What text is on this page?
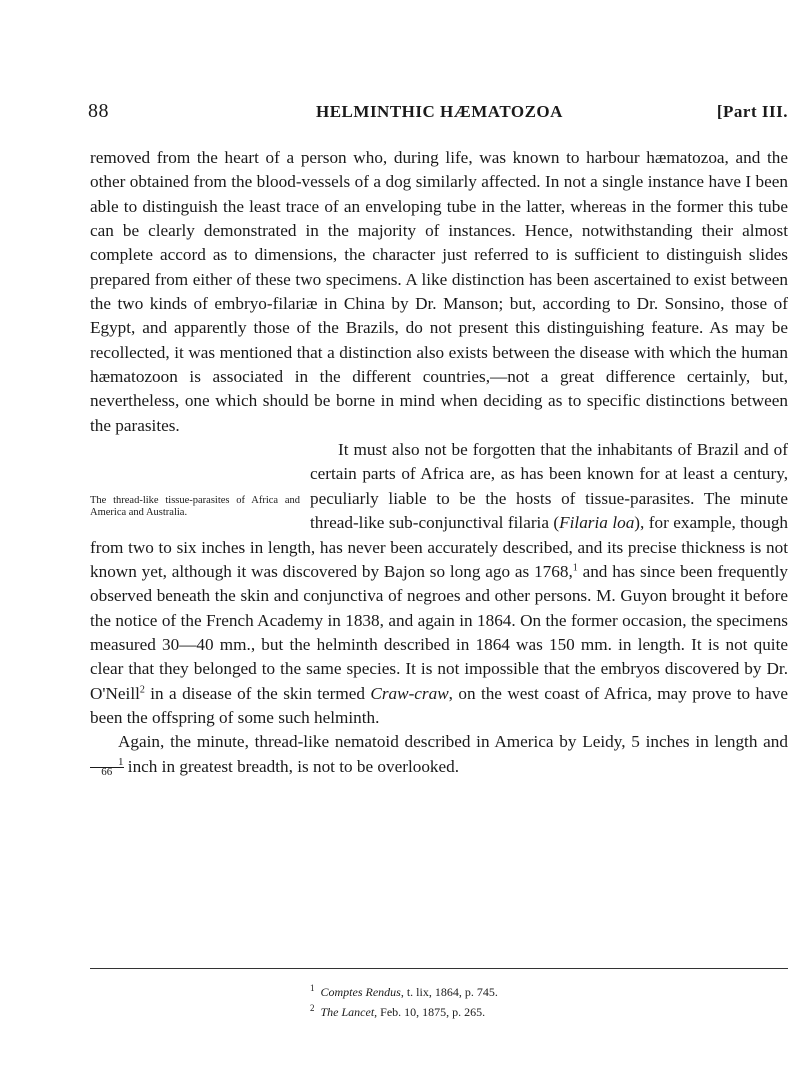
88	HELMINTHIC HÆMATOZOA	[Part III.

removed from the heart of a person who, during life, was known to harbour hæmatozoa, and the other obtained from the blood-vessels of a dog similarly affected. In not a single instance have I been able to distinguish the least trace of an enveloping tube in the latter, whereas in the former this tube can be clearly demonstrated in the majority of instances. Hence, notwithstanding their almost complete accord as to dimensions, the character just referred to is sufficient to distinguish slides prepared from either of these two specimens. A like distinction has been ascertained to exist between the two kinds of embryo-filariæ in China by Dr. Manson; but, according to Dr. Sonsino, those of Egypt, and apparently those of the Brazils, do not present this distinguishing feature. As may be recollected, it was mentioned that a distinction also exists between the disease with which the human hæmatozoon is associated in the different countries,—not a great difference certainly, but, nevertheless, one which should be borne in mind when deciding as to specific distinctions between the parasites.

The thread-like tissue-parasites of Africa and America and Australia.

It must also not be forgotten that the inhabitants of Brazil and of certain parts of Africa are, as has been known for at least a century, peculiarly liable to be the hosts of tissue-parasites. The minute thread-like sub-conjunctival filaria (Filaria loa), for example, though from two to six inches in length, has never been accurately described, and its precise thickness is not known yet, although it was discovered by Bajon so long ago as 1768,$^1$ and has since been frequently observed beneath the skin and conjunctiva of negroes and other persons. M. Guyon brought it before the notice of the French Academy in 1838, and again in 1864. On the former occasion, the specimens measured 30—40 mm., but the helminth described in 1864 was 150 mm. in length. It is not quite clear that they belonged to the same species. It is not impossible that the embryos discovered by Dr. O'Neill$^2$ in a disease of the skin termed Craw-craw, on the west coast of Africa, may prove to have been the offspring of some such helminth.

Again, the minute, thread-like nematoid described in America by Leidy, 5 inches in length and
$\frac{1}{66}$ inch in greatest breadth, is not to be overlooked.

$^1$ Comptes Rendus, t. lix, 1864, p. 745.
$^2$ The Lancet, Feb. 10, 1875, p. 265.
